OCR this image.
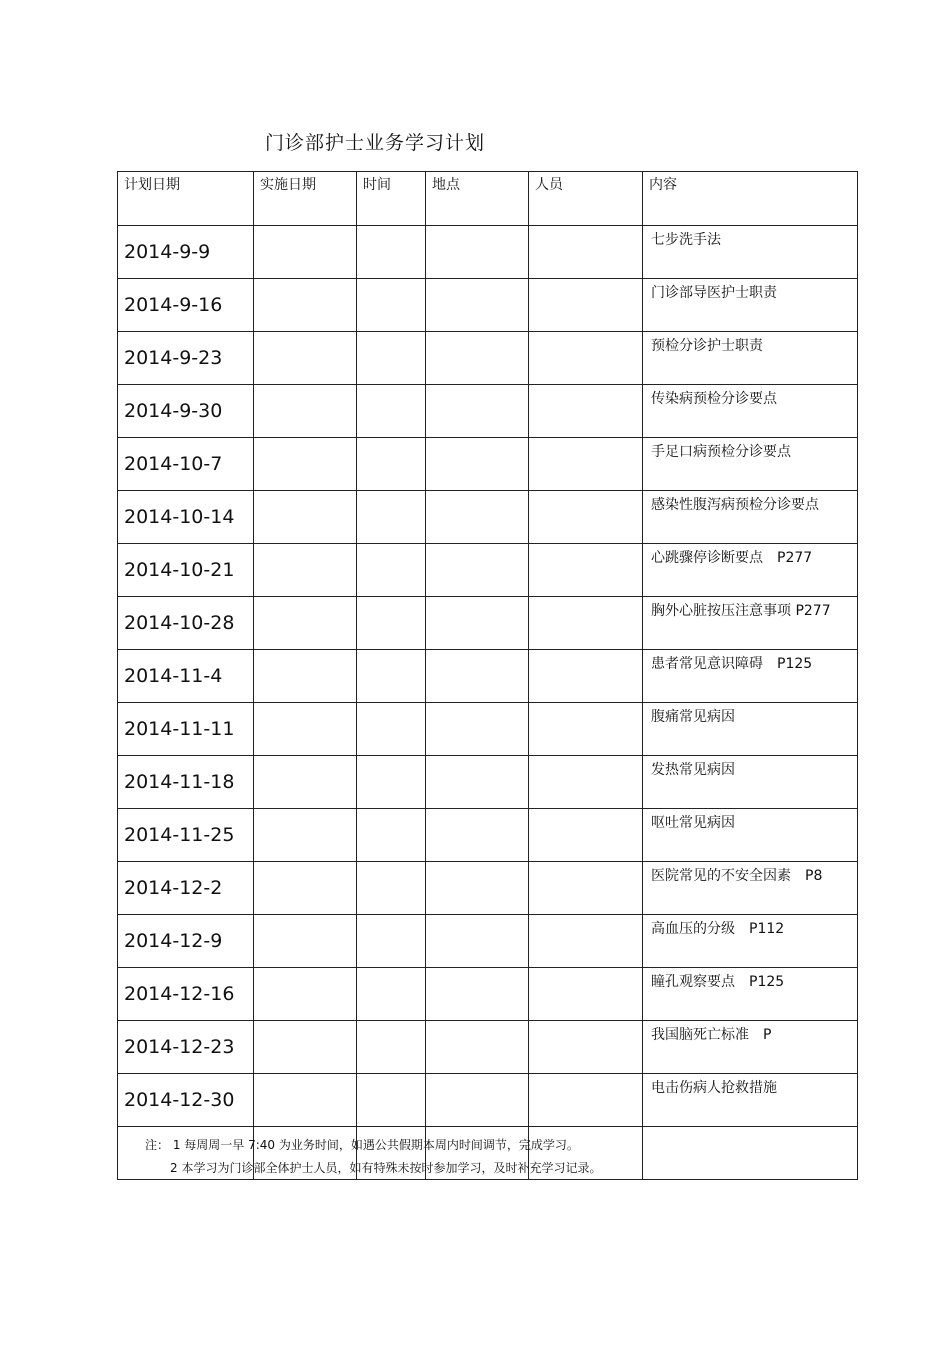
门诊部护士业务学习计划
计划日期	实施日期	时间	地点	人员	内容
2014-9-9					七步洗手法
2014-9-16					门诊部导医护士职责
2014-9-23					预检分诊护士职责
2014-9-30					传染病预检分诊要点
2014-10-7					手足口病预检分诊要点
2014-10-14					感染性腹泻病预检分诊要点
2014-10-21					心跳骤停诊断要点　P277
2014-10-28					胸外心脏按压注意事项 P277
2014-11-4					患者常见意识障碍　P125
2014-11-11					腹痛常见病因
2014-11-18					发热常见病因
2014-11-25					呕吐常见病因
2014-12-2					医院常见的不安全因素　P8
2014-12-9					高血压的分级　P112
2014-12-16					瞳孔观察要点　P125
2014-12-23					我国脑死亡标准　P
2014-12-30					电击伤病人抢救措施

注： 1 每周周一早 7:40 为业务时间，如遇公共假期本周内时间调节，完成学习。
2 本学习为门诊部全体护士人员，如有特殊未按时参加学习，及时补充学习记录。
